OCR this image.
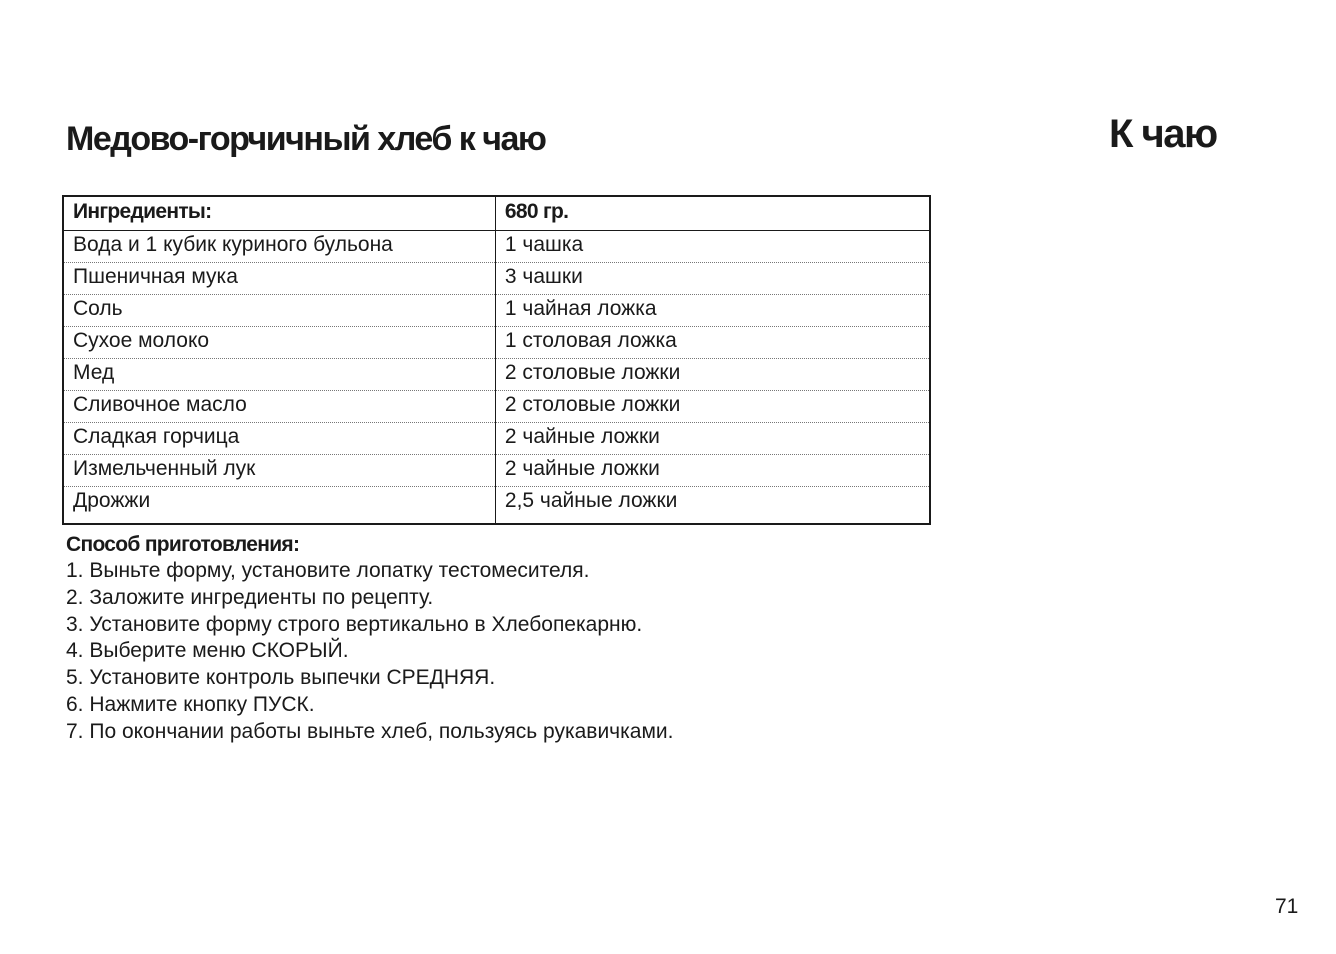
Медово-горчичный хлеб к чаю	К чаю
Ингредиенты:	680 гр.
Вода и 1 кубик куриного бульона	1 чашка
Пшеничная мука	3 чашки
Соль	1 чайная ложка
Сухое молоко	1 столовая ложка
Мед	2 столовые ложки
Сливочное масло	2 столовые ложки
Сладкая горчица	2 чайные ложки
Измельченный лук	2 чайные ложки
Дрожжи	2,5 чайные ложки
Способ приготовления:
1. Выньте форму, установите лопатку тестомесителя.
2. Заложите ингредиенты по рецепту.
3. Установите форму строго вертикально в Хлебопекарню.
4. Выберите меню СКОРЫЙ.
5. Установите контроль выпечки СРЕДНЯЯ.
6. Нажмите кнопку ПУСК.
7. По окончании работы выньте хлеб, пользуясь рукавичками.
71
